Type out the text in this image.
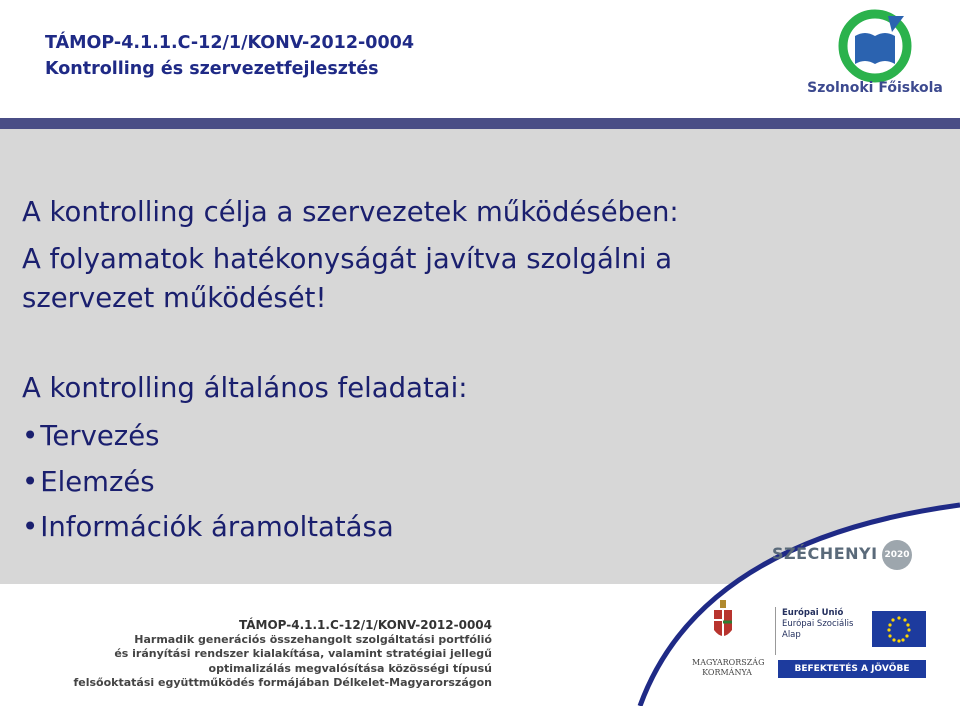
TÁMOP-4.1.1.C-12/1/KONV-2012-0004
Kontrolling és szervezetfejlesztés
Szolnoki Főiskola
A kontrolling célja a szervezetek működésében:
A folyamatok hatékonyságát javítva szolgálni a
szervezet működését!
A kontrolling általános feladatai:
• Tervezés
• Elemzés
• Információk áramoltatása
SZÉCHENYI 2020
TÁMOP-4.1.1.C-12/1/KONV-2012-0004
Harmadik generációs összehangolt szolgáltatási portfólió
és irányítási rendszer kialakítása, valamint stratégiai jellegű
optimalizálás megvalósítása közösségi típusú
felsőoktatási együttműködés formájában Délkelet-Magyarországon
MAGYARORSZÁG
KORMÁNYA
Európai Unió
Európai Szociális
Alap
BEFEKTETÉS A JÖVŐBE
